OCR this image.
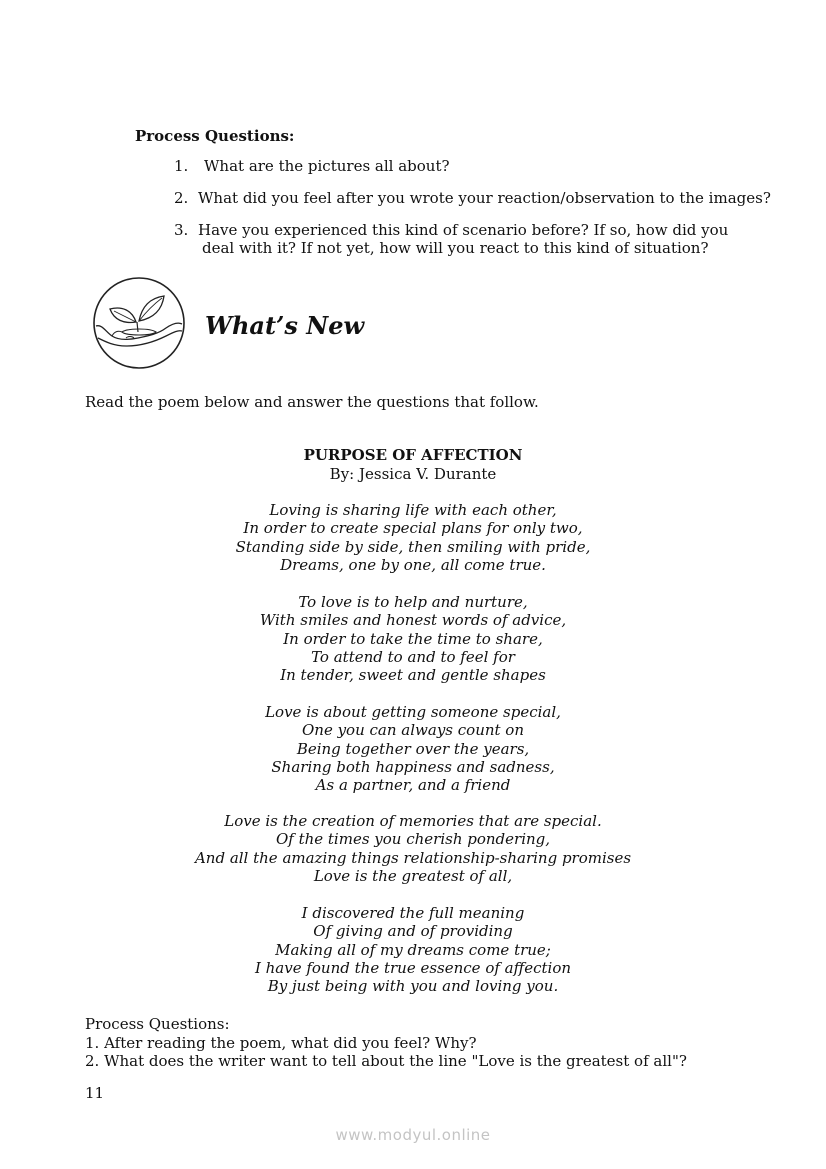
Process Questions:
1.	What are the pictures all about?
2. What did you feel after you wrote your reaction/observation to the images?
3. Have you experienced this kind of scenario before? If so, how did you
deal with it? If not yet, how will you react to this kind of situation?
What’s New
Read the poem below and answer the questions that follow.
PURPOSE OF AFFECTION
By: Jessica V. Durante
Loving is sharing life with each other,
In order to create special plans for only two,
Standing side by side, then smiling with pride,
Dreams, one by one, all come true.
To love is to help and nurture,
With smiles and honest words of advice,
In order to take the time to share,
To attend to and to feel for
In tender, sweet and gentle shapes
Love is about getting someone special,
One you can always count on
Being together over the years,
Sharing both happiness and sadness,
As a partner, and a friend
Love is the creation of memories that are special.
Of the times you cherish pondering,
And all the amazing things relationship-sharing promises
Love is the greatest of all,
I discovered the full meaning
Of giving and of providing
Making all of my dreams come true;
I have found the true essence of affection
By just being with you and loving you.
Process Questions:
1. After reading the poem, what did you feel? Why?
2. What does the writer want to tell about the line "Love is the greatest of all"?
11
www.modyul.online
